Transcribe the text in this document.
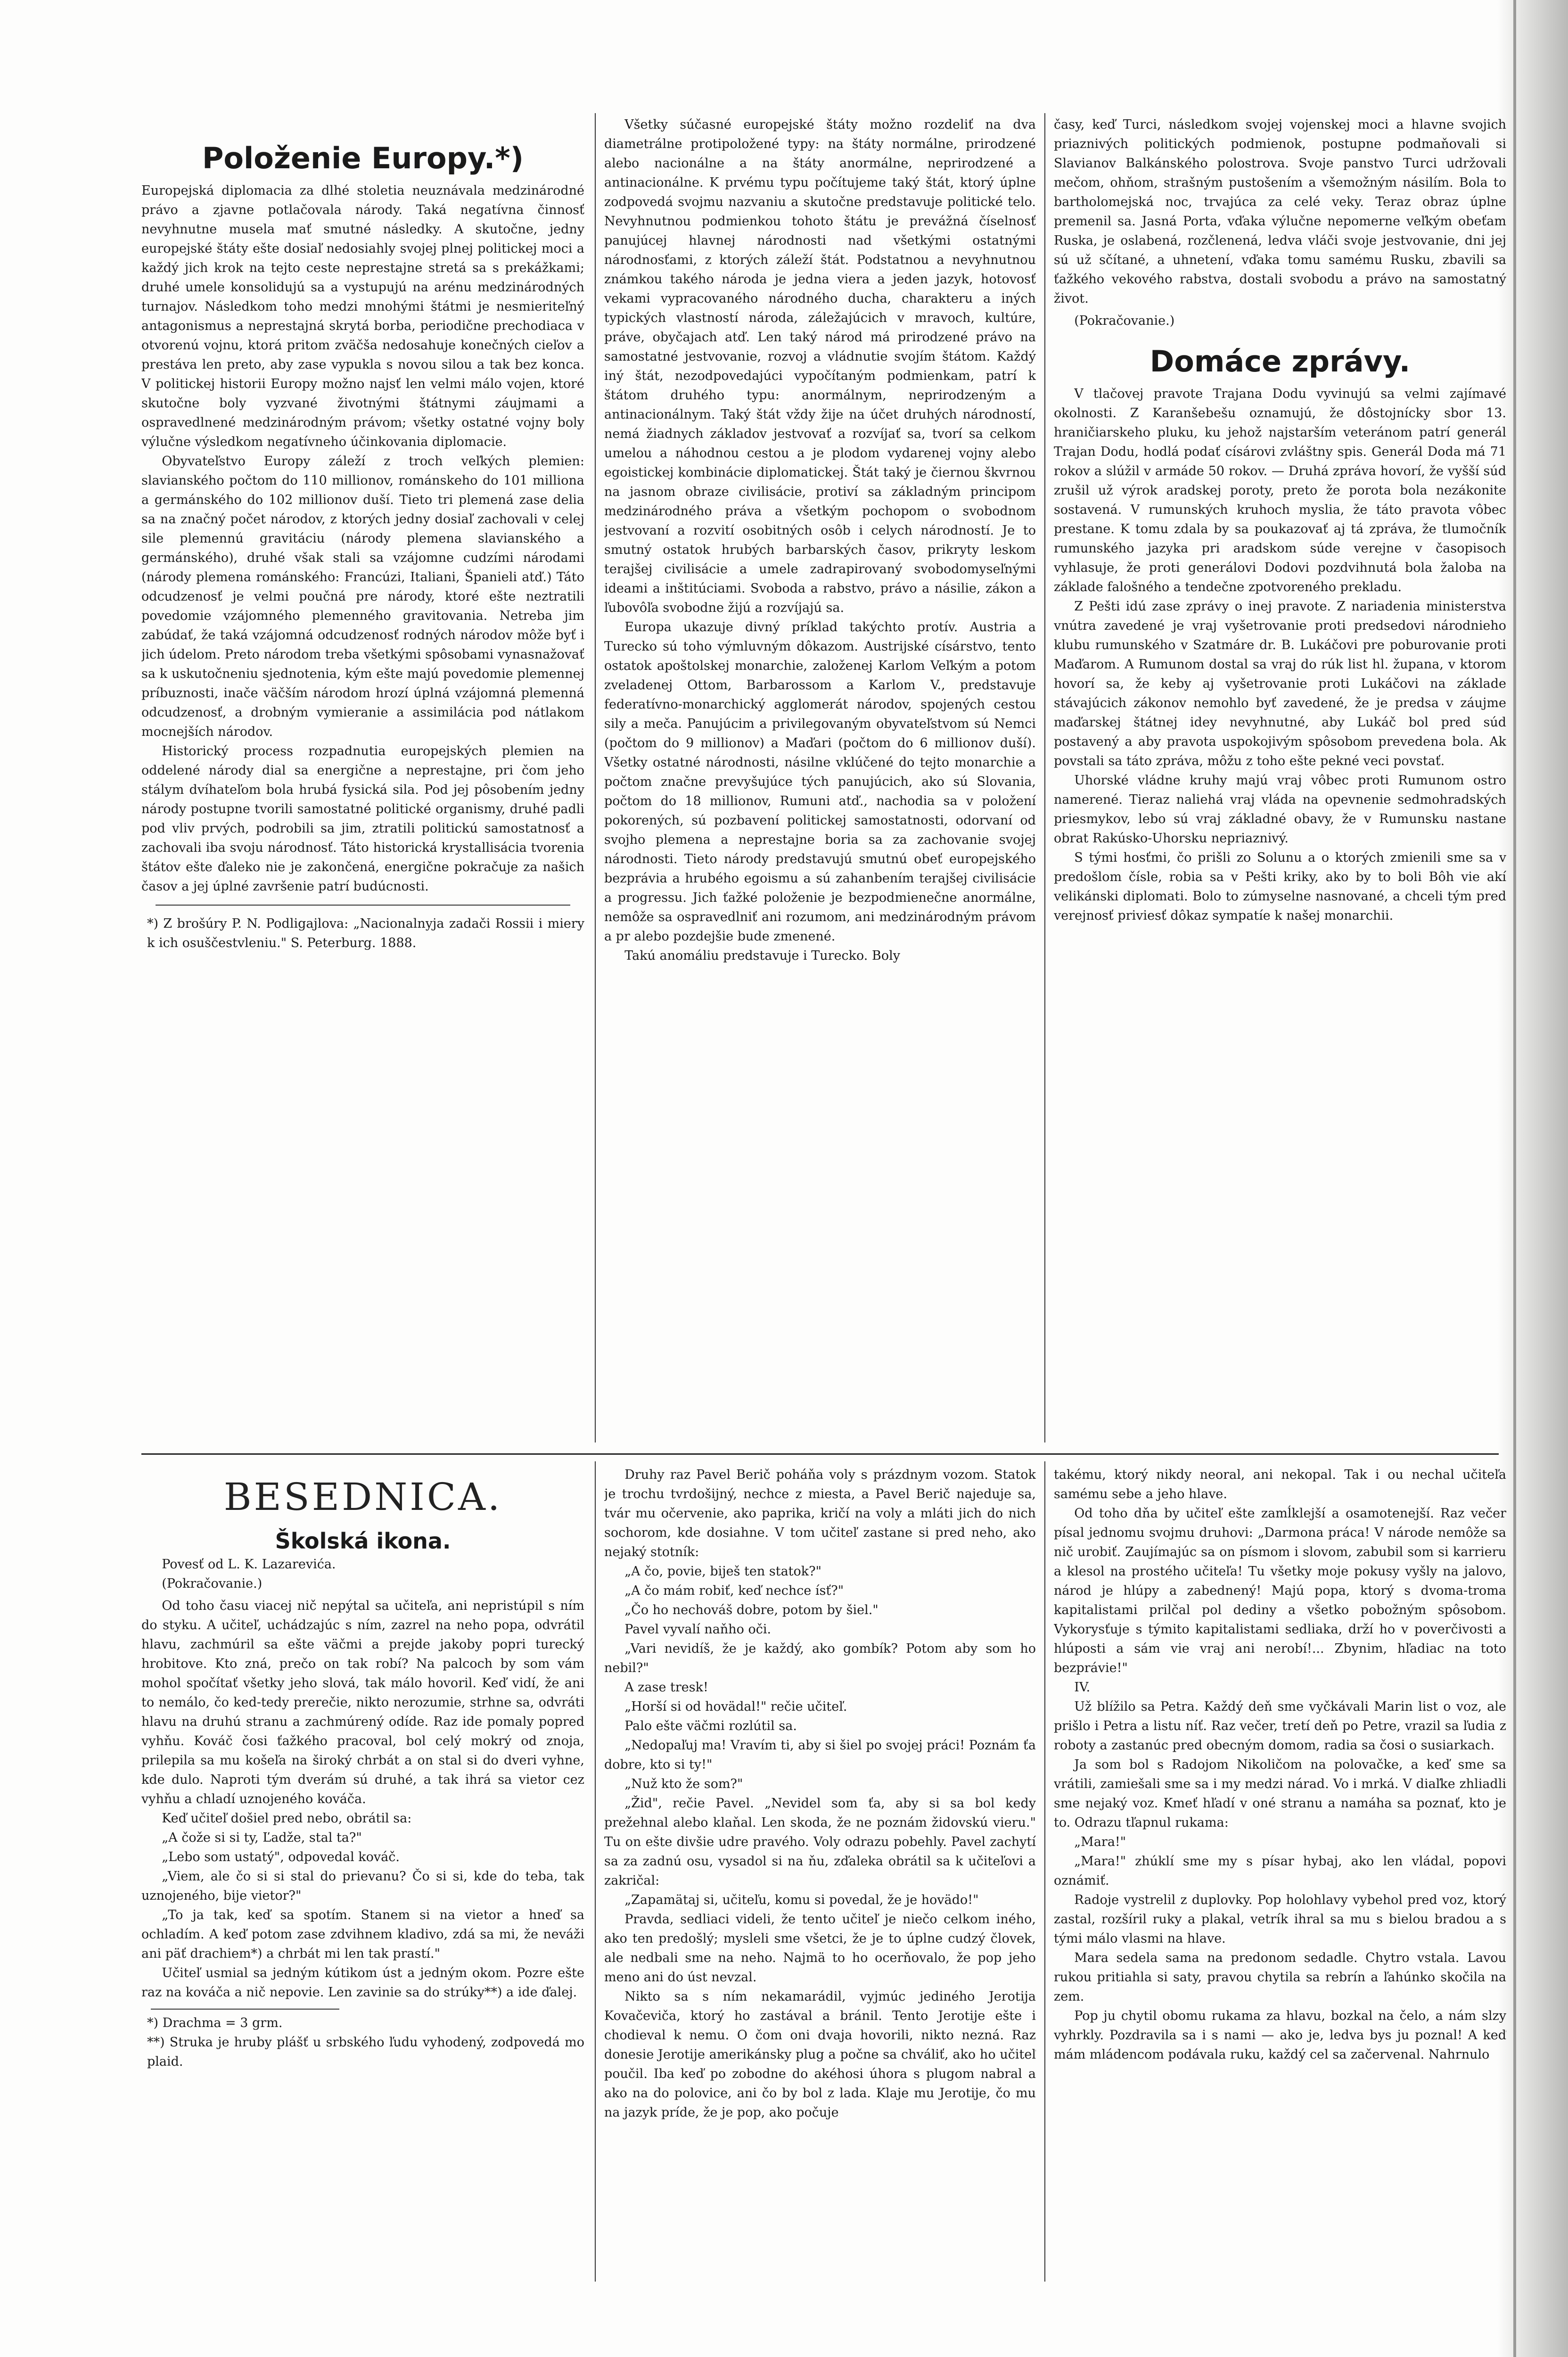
Položenie Europy.*)

Europejská diplomacia za dlhé stoletia neuznávala medzinárodné právo a zjavne potlačovala národy. Taká negatívna činnosť nevyhnutne musela mať smutné následky. A skutočne, jedny europejské štáty ešte dosiaľ nedosiahly svojej plnej politickej moci a každý jich krok na tejto ceste neprestajne stretá sa s prekážkami; druhé umele konsolidujú sa a vystupujú na arénu medzinárodných turnajov. Následkom toho medzi mnohými štátmi je nesmieriteľný antagonismus a neprestajná skrytá borba, periodične prechodiaca v otvorenú vojnu, ktorá pritom zväčša nedosahuje konečných cieľov a prestáva len preto, aby zase vypukla s novou silou a tak bez konca. V politickej historii Europy možno najsť len velmi málo vojen, ktoré skutočne boly vyzvané životnými štátnymi záujmami a ospravedlnené medzinárodným právom; všetky ostatné vojny boly výlučne výsledkom negatívneho účinkovania diplomacie.

Obyvateľstvo Europy záleží z troch veľkých plemien: slavianského počtom do 110 millionov, románskeho do 101 milliona a germánského do 102 millionov duší. Tieto tri plemená zase delia sa na značný počet národov, z ktorých jedny dosiaľ zachovali v celej sile plemennú gravitáciu (národy plemena slavianského a germánského), druhé však stali sa vzájomne cudzími národami (národy plemena románského: Francúzi, Italiani, Španieli atď.) Táto odcudzenosť je velmi poučná pre národy, ktoré ešte neztratili povedomie vzájomného plemenného gravitovania. Netreba jim zabúdať, že taká vzájomná odcudzenosť rodných národov môže byť i jich údelom. Preto národom treba všetkými spôsobami vynasnažovať sa k uskutočneniu sjednotenia, kým ešte majú povedomie plemennej príbuznosti, inače väčším národom hrozí úplná vzájomná plemenná odcudzenosť, a drobným vymieranie a assimilácia pod nátlakom mocnejších národov.

Historický process rozpadnutia europejských plemien na oddelené národy dial sa energične a neprestajne, pri čom jeho stálym dvíhateľom bola hrubá fysická sila. Pod jej pôsobením jedny národy postupne tvorili samostatné politické organismy, druhé padli pod vliv prvých, podrobili sa jim, ztratili politickú samostatnosť a zachovali iba svoju národnosť. Táto historická krystallisácia tvorenia štátov ešte ďaleko nie je zakončená, energične pokračuje za našich časov a jej úplné završenie patrí budúcnosti.

*) Z brošúry P. N. Podligajlova: „Nacionalnyja zadači Rossii i miery k ich osuščestvleniu." S. Peterburg. 1888.

Všetky súčasné europejské štáty možno rozdeliť na dva diametrálne protipoložené typy: na štáty normálne, prirodzené alebo nacionálne a na štáty anormálne, neprirodzené a antinacionálne. K prvému typu počítujeme taký štát, ktorý úplne zodpovedá svojmu nazvaniu a skutočne predstavuje politické telo. Nevyhnutnou podmienkou tohoto štátu je prevážná číselnosť panujúcej hlavnej národnosti nad všetkými ostatnými národnosťami, z ktorých záleží štát. Podstatnou a nevyhnutnou známkou takého národa je jedna viera a jeden jazyk, hotovosť vekami vypracovaného národného ducha, charakteru a iných typických vlastností národa, záležajúcich v mravoch, kultúre, práve, obyčajach atď. Len taký národ má prirodzené právo na samostatné jestvovanie, rozvoj a vládnutie svojím štátom. Každý iný štát, nezodpovedajúci vypočítaným podmienkam, patrí k štátom druhého typu: anormálnym, neprirodzeným a antinacionálnym. Taký štát vždy žije na účet druhých národností, nemá žiadnych základov jestvovať a rozvíjať sa, tvorí sa celkom umelou a náhodnou cestou a je plodom vydarenej vojny alebo egoistickej kombinácie diplomatickej. Štát taký je čiernou škvrnou na jasnom obraze civilisácie, protiví sa základným principom medzinárodného práva a všetkým pochopom o svobodnom jestvovaní a rozvití osobitných osôb i celych národností. Je to smutný ostatok hrubých barbarských časov, prikryty leskom terajšej civilisácie a umele zadrapirovaný svobodomyseľnými ideami a inštitúciami. Svoboda a rabstvo, právo a násilie, zákon a ľubovôľa svobodne žijú a rozvíjajú sa.

Europa ukazuje divný príklad takýchto protív. Austria a Turecko sú toho výmluvným dôkazom. Austrijské císárstvo, tento ostatok apoštolskej monarchie, založenej Karlom Veľkým a potom zveladenej Ottom, Barbarossom a Karlom V., predstavuje federatívno-monarchický agglomerát národov, spojených cestou sily a meča. Panujúcim a privilegovaným obyvateľstvom sú Nemci (počtom do 9 millionov) a Maďari (počtom do 6 millionov duší). Všetky ostatné národnosti, násilne vklúčené do tejto monarchie a počtom značne prevyšujúce tých panujúcich, ako sú Slovania, počtom do 18 millionov, Rumuni atď., nachodia sa v položení pokorených, sú pozbavení politickej samostatnosti, odorvaní od svojho plemena a neprestajne boria sa za zachovanie svojej národnosti. Tieto národy predstavujú smutnú obeť europejského bezprávia a hrubého egoismu a sú zahanbením terajšej civilisácie a progressu. Jich ťažké položenie je bezpodmienečne anormálne, nemôže sa ospravedlniť ani rozumom, ani medzinárodným právom a pr alebo pozdejšie bude zmenené.

Takú anomáliu predstavuje i Turecko. Boly

časy, keď Turci, následkom svojej vojenskej moci a hlavne svojich priaznivých politických podmienok, postupne podmaňovali si Slavianov Balkánského polostrova. Svoje panstvo Turci udržovali mečom, ohňom, strašným pustošením a všemožným násilím. Bola to bartholomejská noc, trvajúca za celé veky. Teraz obraz úplne premenil sa. Jasná Porta, vďaka výlučne nepomerne veľkým obeťam Ruska, je oslabená, rozčlenená, ledva vláči svoje jestvovanie, dni jej sú už sčítané, a uhnetení, vďaka tomu samému Rusku, zbavili sa ťažkého vekového rabstva, dostali svobodu a právo na samostatný život.

(Pokračovanie.)

Domáce zprávy.

V tlačovej pravote Trajana Dodu vyvinujú sa velmi zajímavé okolnosti. Z Karanšebešu oznamujú, že dôstojnícky sbor 13. hraničiarskeho pluku, ku jehož najstarším veteránom patrí generál Trajan Dodu, hodlá podať císárovi zvláštny spis. Generál Doda má 71 rokov a slúžil v armáde 50 rokov. — Druhá zpráva hovorí, že vyšší súd zrušil už výrok aradskej poroty, preto že porota bola nezákonite sostavená. V rumunských kruhoch myslia, že táto pravota vôbec prestane. K tomu zdala by sa poukazovať aj tá zpráva, že tlumočník rumunského jazyka pri aradskom súde verejne v časopisoch vyhlasuje, že proti generálovi Dodovi pozdvihnutá bola žaloba na základe falošného a tendečne zpotvoreného prekladu.

Z Pešti idú zase zprávy o inej pravote. Z nariadenia ministerstva vnútra zavedené je vraj vyšetrovanie proti predsedovi národnieho klubu rumunského v Szatmáre dr. B. Lukáčovi pre poburovanie proti Maďarom. A Rumunom dostal sa vraj do rúk list hl. župana, v ktorom hovorí sa, že keby aj vyšetrovanie proti Lukáčovi na základe stávajúcich zákonov nemohlo byť zavedené, že je predsa v záujme maďarskej štátnej idey nevyhnutné, aby Lukáč bol pred súd postavený a aby pravota uspokojivým spôsobom prevedena bola. Ak povstali sa táto zpráva, môžu z toho ešte pekné veci povstať.

Uhorské vládne kruhy majú vraj vôbec proti Rumunom ostro namerené. Tieraz naliehá vraj vláda na opevnenie sedmohradských priesmykov, lebo sú vraj základné obavy, že v Rumunsku nastane obrat Rakúsko-Uhorsku nepriaznivý.

S tými hosťmi, čo prišli zo Solunu a o ktorých zmienili sme sa v predošlom čísle, robia sa v Pešti kriky, ako by to boli Bôh vie akí velikánski diplomati. Bolo to zúmyselne nasnované, a chceli tým pred verejnosť priviesť dôkaz sympatíe k našej monarchii.

BESEDNICA.
Školská ikona.

Povesť od L. K. Lazarevića.

(Pokračovanie.)

Od toho času viacej nič nepýtal sa učiteľa, ani nepristúpil s ním do styku. A učiteľ, uchádzajúc s ním, zazrel na neho popa, odvrátil hlavu, zachmúril sa ešte väčmi a prejde jakoby popri turecký hrobitove. Kto zná, prečo on tak robí? Na palcoch by som vám mohol spočítať všetky jeho slová, tak málo hovoril. Keď vidí, že ani to nemálo, čo ked-tedy prerečie, nikto nerozumie, strhne sa, odvráti hlavu na druhú stranu a zachmúrený odíde. Raz ide pomaly popred vyhňu. Kováč čosi ťažkého pracoval, bol celý mokrý od znoja, prilepila sa mu košeľa na široký chrbát a on stal si do dveri vyhne, kde dulo. Naproti tým dverám sú druhé, a tak ihrá sa vietor cez vyhňu a chladí uznojeného kováča.

Keď učiteľ došiel pred nebo, obrátil sa:

„A čože si si ty, Ľadže, stal ta?"

„Lebo som ustatý", odpovedal kováč.

„Viem, ale čo si si stal do prievanu? Čo si si, kde do teba, tak uznojeného, bije vietor?"

„To ja tak, keď sa spotím. Stanem si na vietor a hneď sa ochladím. A keď potom zase zdvihnem kladivo, zdá sa mi, že neváži ani päť drachiem*) a chrbát mi len tak prastí."

Učiteľ usmial sa jedným kútikom úst a jedným okom. Pozre ešte raz na kováča a nič nepovie. Len zavinie sa do strúky**) a ide ďalej.

*) Drachma = 3 grm.

**) Struka je hruby plášť u srbského ľudu vyhodený, zodpovedá mo plaid.

Druhy raz Pavel Berič poháňa voly s prázdnym vozom. Statok je trochu tvrdošijný, nechce z miesta, a Pavel Berič najeduje sa, tvár mu očervenie, ako paprika, kričí na voly a mláti jich do nich sochorom, kde dosiahne. V tom učiteľ zastane si pred neho, ako nejaký stotník:

„A čo, povie, biješ ten statok?"

„A čo mám robiť, keď nechce ísť?"

„Čo ho nechováš dobre, potom by šiel."

Pavel vyvalí naňho oči.

„Vari nevidíš, že je každý, ako gombík? Potom aby som ho nebil?"

A zase tresk!

„Horší si od hovädal!" rečie učiteľ.

Palo ešte väčmi rozlútil sa.

„Nedopaľuj ma! Vravím ti, aby si šiel po svojej práci! Poznám ťa dobre, kto si ty!"

„Nuž kto že som?"

„Žid", rečie Pavel. „Nevidel som ťa, aby si sa bol kedy prežehnal alebo klaňal. Len skoda, že ne poznám židovskú vieru." Tu on ešte divšie udre pravého. Voly odrazu pobehly. Pavel zachytí sa za zadnú osu, vysadol si na ňu, zďaleka obrátil sa k učiteľovi a zakričal:

„Zapamätaj si, učiteľu, komu si povedal, že je hovädo!"

Pravda, sedliaci videli, že tento učiteľ je niečo celkom iného, ako ten predošlý; mysleli sme všetci, že je to úplne cudzý človek, ale nedbali sme na neho. Najmä to ho ocerňovalo, že pop jeho meno ani do úst nevzal.

Nikto sa s ním nekamarádil, vyjmúc jediného Jerotija Kovačeviča, ktorý ho zastával a bránil. Tento Jerotije ešte i chodieval k nemu. O čom oni dvaja hovorili, nikto nezná. Raz donesie Jerotije amerikánsky plug a počne sa chváliť, ako ho učiteľ poučil. Iba keď po zobodne do akéhosi úhora s plugom nabral a ako na do polovice, ani čo by bol z lada. Klaje mu Jerotije, čo mu na jazyk príde, že je pop, ako počuje

takému, ktorý nikdy neoral, ani nekopal. Tak i ou nechal učiteľa samému sebe a jeho hlave.

Od toho dňa by učiteľ ešte zamĺklejší a osamotenejší. Raz večer písal jednomu svojmu druhovi: „Darmona práca! V národe nemôže sa nič urobiť. Zaujímajúc sa on písmom i slovom, zabubil som si karrieru a klesol na prostého učiteľa! Tu všetky moje pokusy vyšly na jalovo, národ je hlúpy a zabednený! Majú popa, ktorý s dvoma-troma kapitalistami prilčal pol dediny a všetko pobožným spôsobom. Vykorysťuje s týmito kapitalistami sedliaka, drží ho v poverčivosti a hlúposti a sám vie vraj ani nerobí!... Zbynim, hľadiac na toto bezprávie!"

IV.

Už blížilo sa Petra. Každý deň sme vyčkávali Marin list o voz, ale prišlo i Petra a listu níť. Raz večer, tretí deň po Petre, vrazil sa ľudia z roboty a zastanúc pred obecným domom, radia sa čosi o susiarkach.

Ja som bol s Radojom Nikoličom na polovačke, a keď sme sa vrátili, zamiešali sme sa i my medzi nárad. Vo i mrká. V diaľke zhliadli sme nejaký voz. Kmeť hľadí v oné stranu a namáha sa poznať, kto je to. Odrazu tľapnul rukama:

„Mara!"

„Mara!" zhúklí sme my s písar hybaj, ako len vládal, popovi oznámiť.

Radoje vystrelil z duplovky. Pop holohlavy vybehol pred voz, ktorý zastal, rozšíril ruky a plakal, vetrík ihral sa mu s bielou bradou a s tými málo vlasmi na hlave.

Mara sedela sama na predonom sedadle. Chytro vstala. Lavou rukou pritiahla si saty, pravou chytila sa rebrín a ľahúnko skočila na zem.

Pop ju chytil obomu rukama za hlavu, bozkal na čelo, a nám slzy vyhrkly. Pozdravila sa i s nami — ako je, ledva bys ju poznal! A keď mám mládencom podávala ruku, každý cel sa začervenal. Nahrnulo
